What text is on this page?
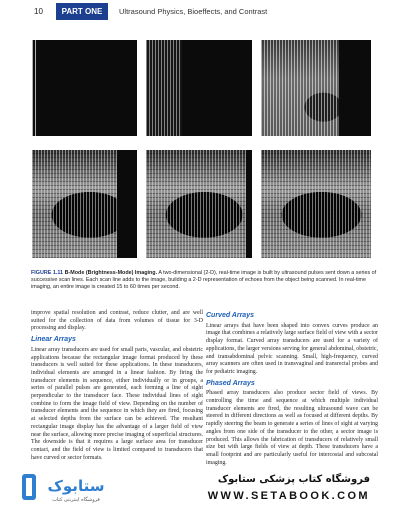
10	PART ONE	Ultrasound Physics, Bioeffects, and Contrast
FIGURE 1.11 B-Mode (Brightness-Mode) Imaging. A two-dimensional (2-D), real-time image is built by ultrasound pulses sent down a series of successive scan lines. Each scan line adds to the image, building a 2-D representation of echoes from the object being scanned. In real-time imaging, an entire image is created 15 to 60 times per second.

improve spatial resolution and contrast, reduce clutter, and are well suited for the collection of data from volumes of tissue for 3-D processing and display.

Linear Arrays

Linear array transducers are used for small parts, vascular, and obstetric applications because the rectangular image format produced by these transducers is well suited for these applications. In these transducers, individual elements are arranged in a linear fashion. By firing the transducer elements in sequence, either individually or in groups, a series of parallel pulses are generated, each forming a line of sight perpendicular to the transducer face. These individual lines of sight combine to form the image field of view. Depending on the number of transducer elements and the sequence in which they are fired, focusing at selected depths from the surface can be achieved. The resultant rectangular image display has the advantage of a larger field of view near the surface, allowing more precise imaging of superficial structures. The downside is that it requires a large surface area for transducer contact, and the field of view is limited compared to transducers that have curved or sector formats.

Curved Arrays

Linear arrays that have been shaped into convex curves produce an image that combines a relatively large surface field of view with a sector display format. Curved array transducers are used for a variety of applications, the larger versions serving for general abdominal, obstetric, and transabdominal pelvic scanning. Small, high-frequency, curved array scanners are often used in transvaginal and transrectal probes and for pediatric imaging.

Phased Arrays

Phased array transducers also produce sector field of views. By controlling the time and sequence at which multiple individual transducer elements are fired, the resulting ultrasound wave can be steered in different directions as well as focused at different depths. By rapidly steering the beam to generate a series of lines of sight at varying angles from one side of the transducer to the other, a sector image is produced. This allows the fabrication of transducers of relatively small size but with large fields of view at depth. These transducers have a small footprint and are particularly useful for intercostal and subcostal imaging.

ستابوک
فروشگاه اینترنتی کتاب
فروشگاه کتاب پزشکی ستابوک
WWW.SETABOOK.COM
